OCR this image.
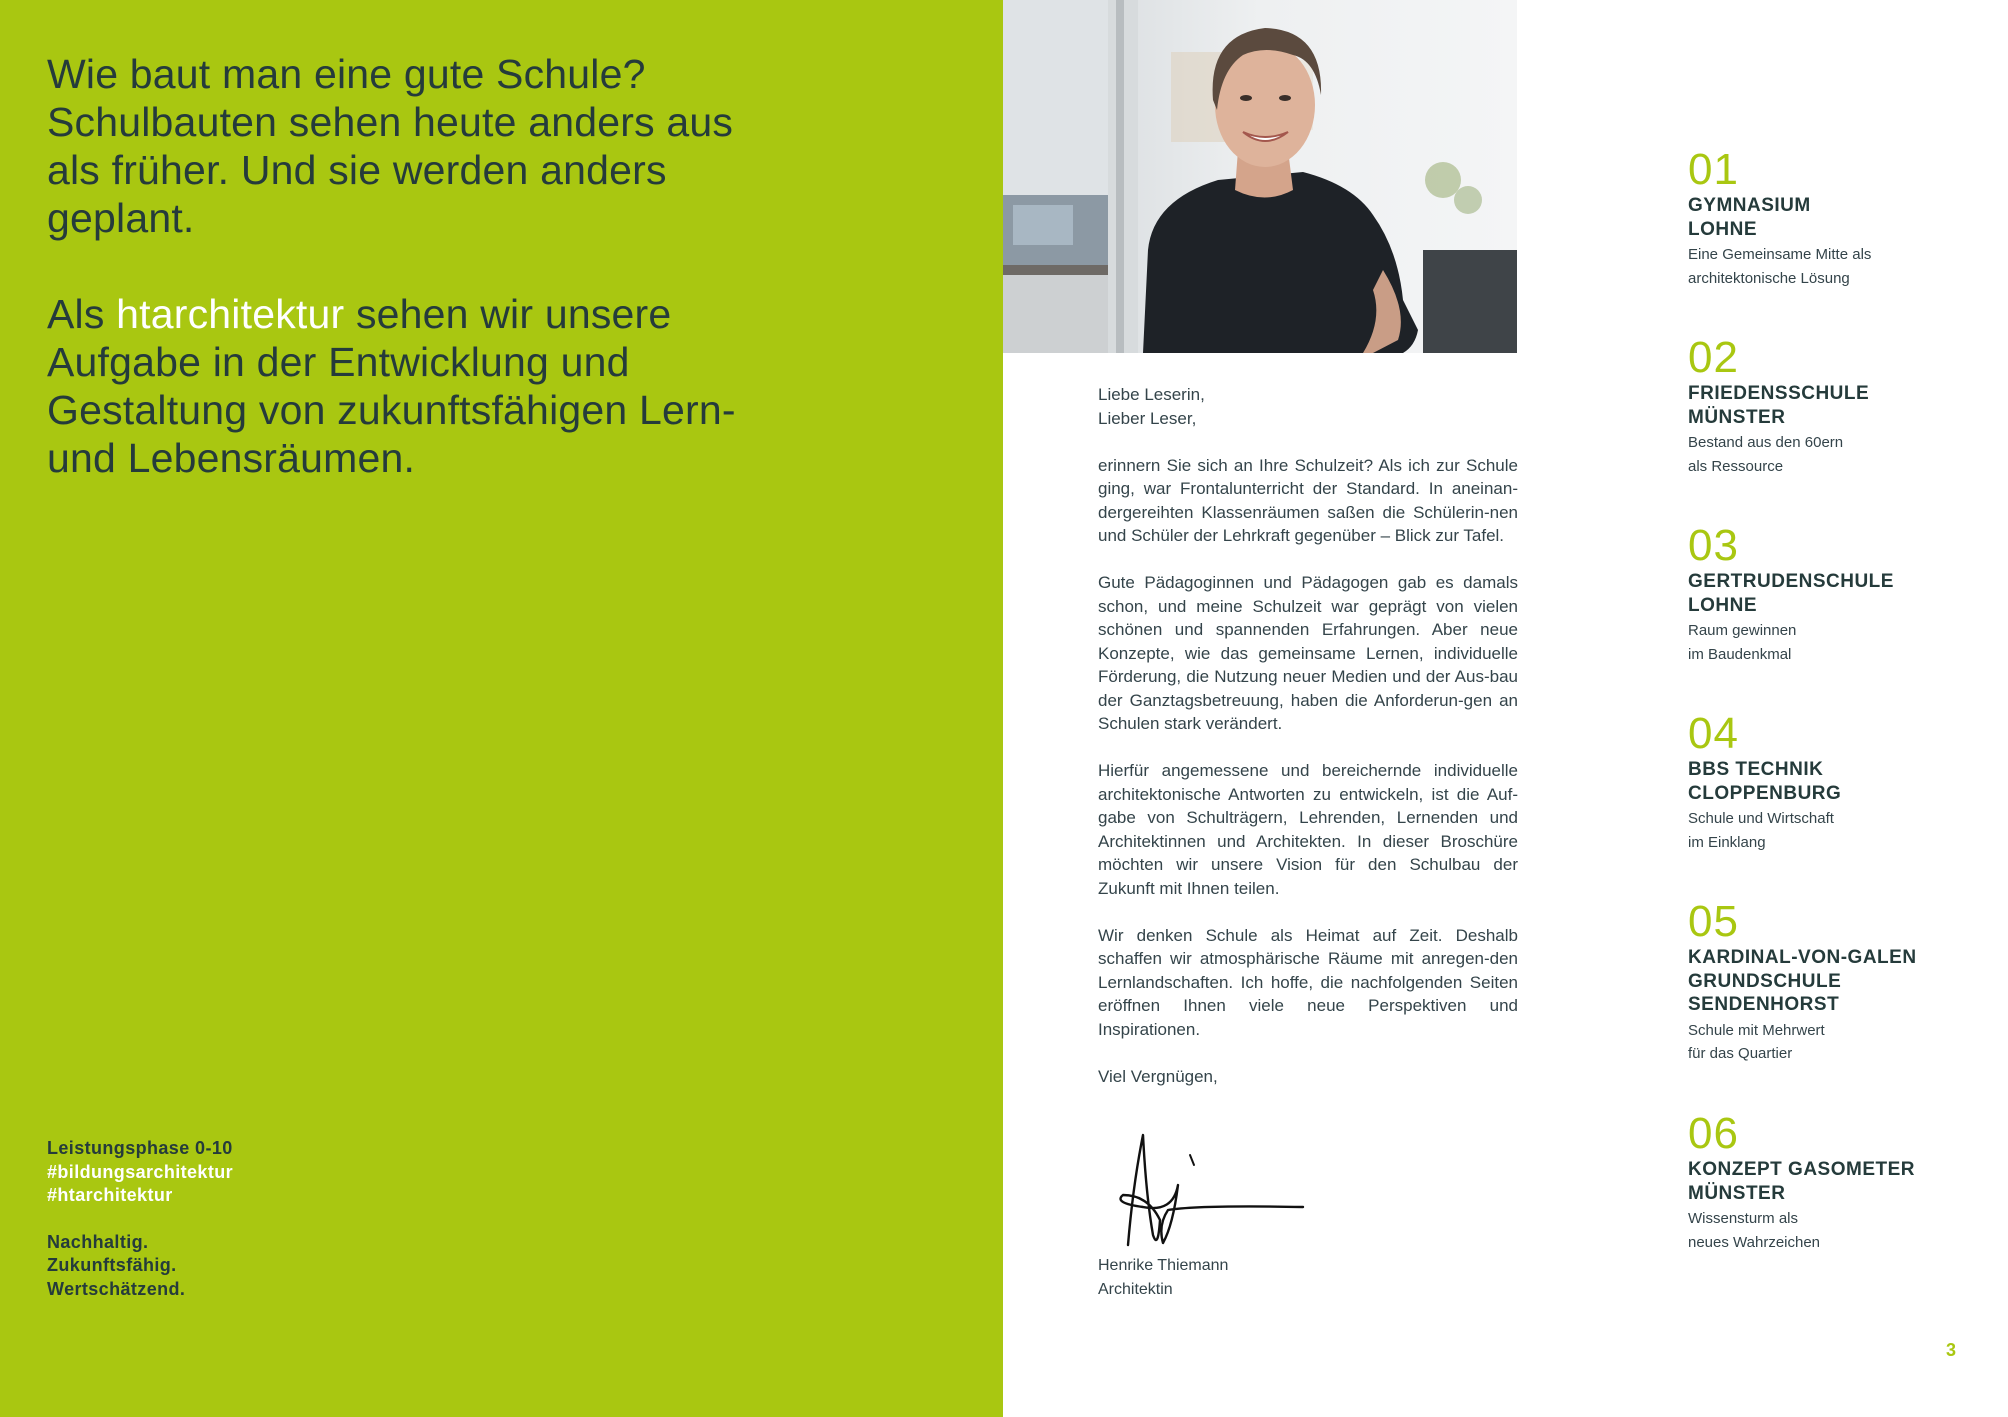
Wie baut man eine gute Schule? Schulbauten sehen heute anders aus als früher. Und sie werden anders geplant.

Als htarchitektur sehen wir unsere Aufgabe in der Entwicklung und Gestaltung von zukunftsfähigen Lern- und Lebensräumen.

Leistungsphase 0-10
#bildungsarchitektur
#htarchitektur
Nachhaltig.
Zukunftsfähig.
Wertschätzend.

Liebe Leserin,
Lieber Leser,

erinnern Sie sich an Ihre Schulzeit? Als ich zur Schule ging, war Frontalunterricht der Standard. In aneinan-dergereihten Klassenräumen saßen die Schülerin-nen und Schüler der Lehrkraft gegenüber – Blick zur Tafel.

Gute Pädagoginnen und Pädagogen gab es damals schon, und meine Schulzeit war geprägt von vielen schönen und spannenden Erfahrungen. Aber neue Konzepte, wie das gemeinsame Lernen, individuelle Förderung, die Nutzung neuer Medien und der Aus-bau der Ganztagsbetreuung, haben die Anforderun-gen an Schulen stark verändert.

Hierfür angemessene und bereichernde individuelle architektonische Antworten zu entwickeln, ist die Auf-gabe von Schulträgern, Lehrenden, Lernenden und Architektinnen und Architekten. In dieser Broschüre möchten wir unsere Vision für den Schulbau der Zukunft mit Ihnen teilen.

Wir denken Schule als Heimat auf Zeit. Deshalb schaffen wir atmosphärische Räume mit anregen-den Lernlandschaften. Ich hoffe, die nachfolgenden Seiten eröffnen Ihnen viele neue Perspektiven und Inspirationen.

Viel Vergnügen,

Henrike Thiemann
Architektin
01
GYMNASIUM
LOHNE
Eine Gemeinsame Mitte als
architektonische Lösung
02
FRIEDENSSCHULE
MÜNSTER
Bestand aus den 60ern
als Ressource
03
GERTRUDENSCHULE
LOHNE
Raum gewinnen
im Baudenkmal
04
BBS TECHNIK
CLOPPENBURG
Schule und Wirtschaft
im Einklang
05
KARDINAL-VON-GALEN
GRUNDSCHULE
SENDENHORST
Schule mit Mehrwert
für das Quartier
06
KONZEPT GASOMETER
MÜNSTER
Wissensturm als
neues Wahrzeichen
3
